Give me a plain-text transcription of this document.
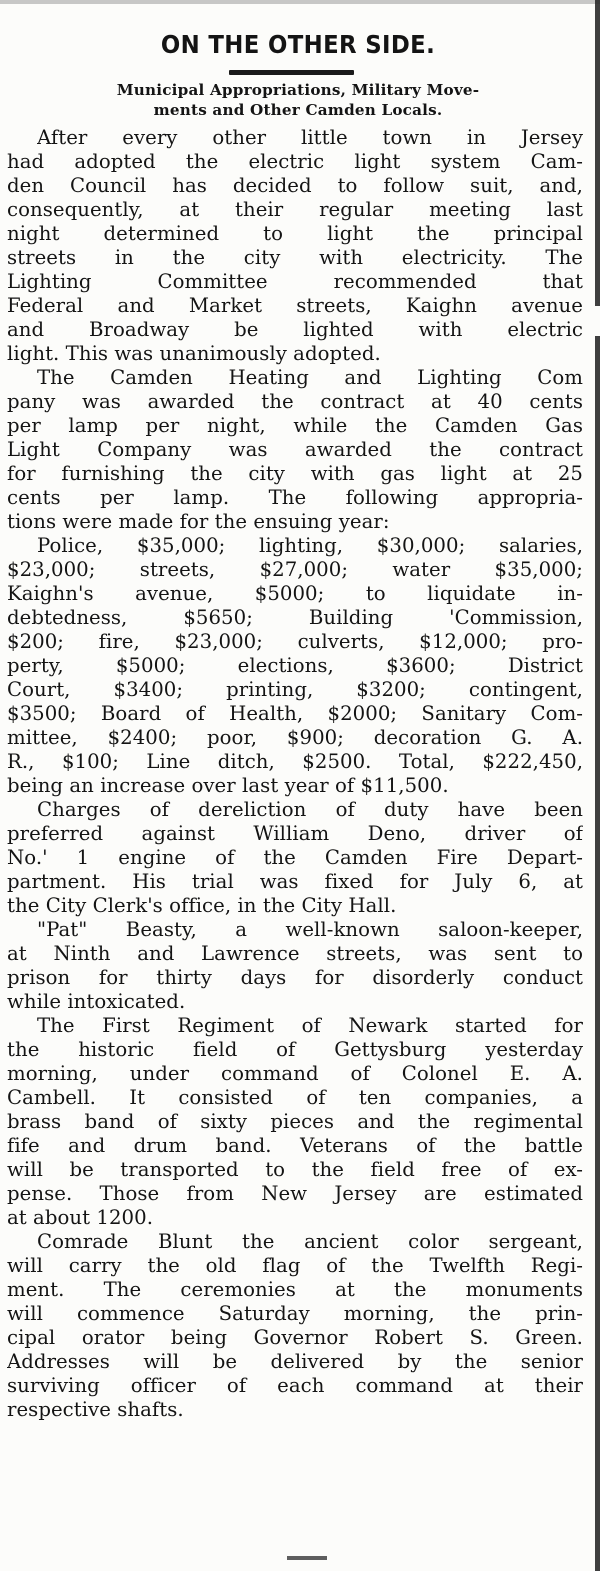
ON THE OTHER SIDE.

Municipal Appropriations, Military Move-
ments and Other Camden Locals.

After every other little town in Jersey

had adopted the electric light system Cam-

den Council has decided to follow suit, and,

consequently, at their regular meeting last

night determined to light the principal

streets in the city with electricity. The

Lighting Committee recommended that

Federal and Market streets, Kaighn avenue

and Broadway be lighted with electric

light. This was unanimously adopted.

The Camden Heating and Lighting Com

pany was awarded the contract at 40 cents

per lamp per night, while the Camden Gas

Light Company was awarded the contract

for furnishing the city with gas light at 25

cents per lamp. The following appropria-

tions were made for the ensuing year:

Police, $35,000; lighting, $30,000; salaries,

$23,000; streets, $27,000; water $35,000;

Kaighn's avenue, $5000; to liquidate in-

debtedness, $5650; Building 'Commission,

$200; fire, $23,000; culverts, $12,000; pro-

perty, $5000; elections, $3600; District

Court, $3400; printing, $3200; contingent,

$3500; Board of Health, $2000; Sanitary Com-

mittee, $2400; poor, $900; decoration G. A.

R., $100; Line ditch, $2500. Total, $222,450,

being an increase over last year of $11,500.

Charges of dereliction of duty have been

preferred against William Deno, driver of

No.' 1 engine of the Camden Fire Depart-

partment. His trial was fixed for July 6, at

the City Clerk's office, in the City Hall.

"Pat" Beasty, a well-known saloon-keeper,

at Ninth and Lawrence streets, was sent to

prison for thirty days for disorderly conduct

while intoxicated.

The First Regiment of Newark started for

the historic field of Gettysburg yesterday

morning, under command of Colonel E. A.

Cambell. It consisted of ten companies, a

brass band of sixty pieces and the regimental

fife and drum band. Veterans of the battle

will be transported to the field free of ex-

pense. Those from New Jersey are estimated

at about 1200.

Comrade Blunt the ancient color sergeant,

will carry the old flag of the Twelfth Regi-

ment. The ceremonies at the monuments

will commence Saturday morning, the prin-

cipal orator being Governor Robert S. Green.

Addresses will be delivered by the senior

surviving officer of each command at their

respective shafts.
